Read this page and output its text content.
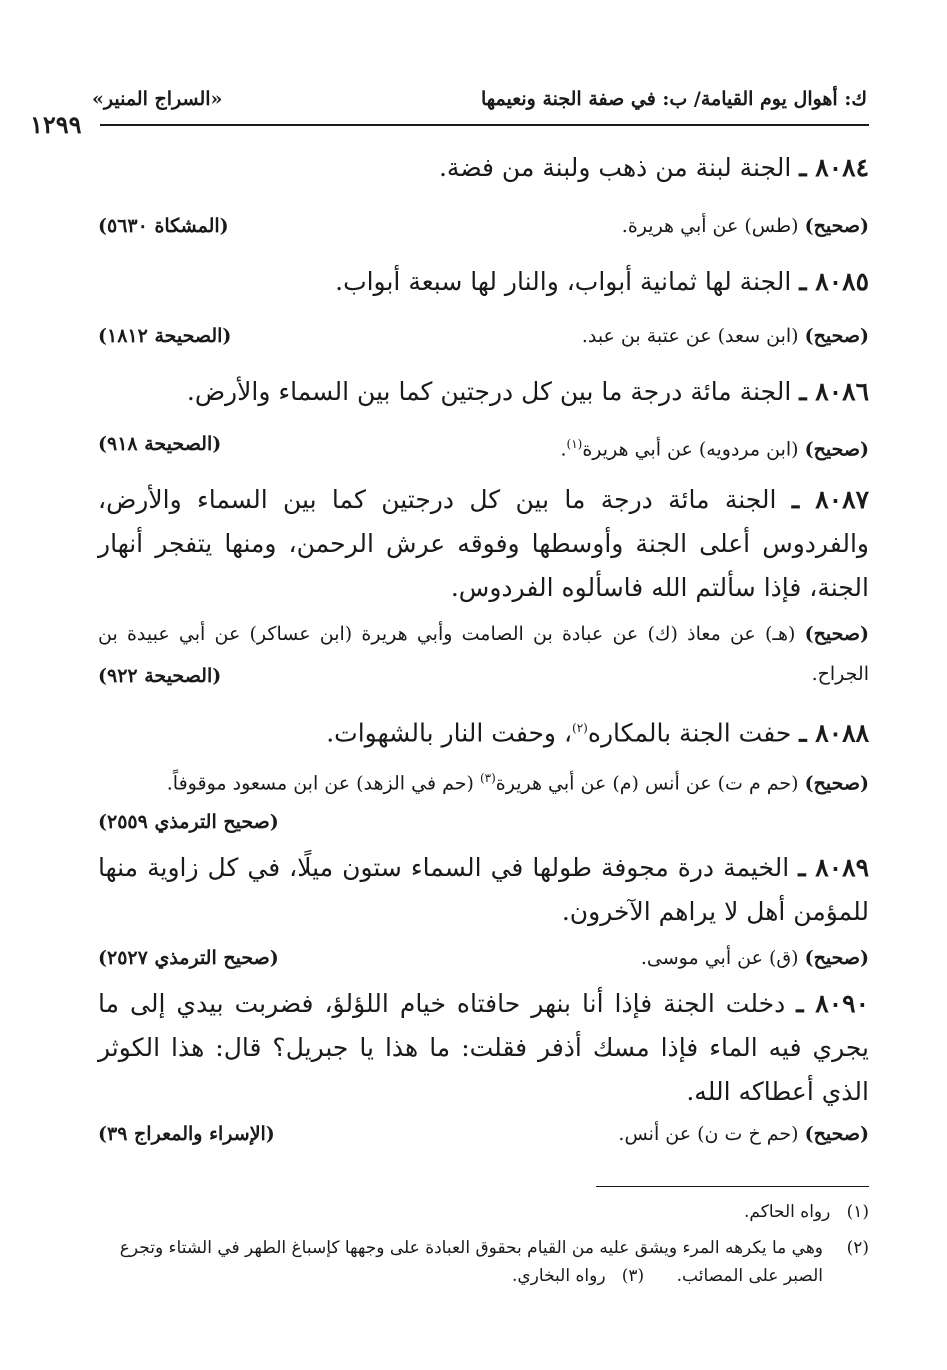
ك: أهوال يوم القيامة/ ب: في صفة الجنة ونعيمها
«السراج المنير»
١٢٩٩
٨٠٨٤ ـ الجنة لبنة من ذهب ولبنة من فضة.
(صحيح) (طس) عن أبي هريرة.
(المشكاة ٥٦٣٠)
٨٠٨٥ ـ الجنة لها ثمانية أبواب، والنار لها سبعة أبواب.
(صحيح) (ابن سعد) عن عتبة بن عبد.
(الصحيحة ١٨١٢)
٨٠٨٦ ـ الجنة مائة درجة ما بين كل درجتين كما بين السماء والأرض.
(صحيح) (ابن مردويه) عن أبي هريرة$^{(١)}$.
(الصحيحة ٩١٨)
٨٠٨٧ ـ الجنة مائة درجة ما بين كل درجتين كما بين السماء والأرض، والفردوس أعلى الجنة وأوسطها وفوقه عرش الرحمن، ومنها يتفجر أنهار الجنة، فإذا سألتم الله فاسألوه الفردوس.
(صحيح) (هـ) عن معاذ (ك) عن عبادة بن الصامت وأبي هريرة (ابن عساكر) عن أبي عبيدة بن الجراح.
(الصحيحة ٩٢٢)
٨٠٨٨ ـ حفت الجنة بالمكاره$^{(٢)}$، وحفت النار بالشهوات.
(صحيح) (حم م ت) عن أنس (م) عن أبي هريرة$^{(٣)}$ (حم في الزهد) عن ابن مسعود موقوفاً.
(صحيح الترمذي ٢٥٥٩)
٨٠٨٩ ـ الخيمة درة مجوفة طولها في السماء ستون ميلًا، في كل زاوية منها للمؤمن أهل لا يراهم الآخرون.
(صحيح) (ق) عن أبي موسى.
(صحيح الترمذي ٢٥٢٧)
٨٠٩٠ ـ دخلت الجنة فإذا أنا بنهر حافتاه خيام اللؤلؤ، فضربت بيدي إلى ما يجري فيه الماء فإذا مسك أذفر فقلت: ما هذا يا جبريل؟ قال: هذا الكوثر الذي أعطاكه الله.
(صحيح) (حم خ ت ن) عن أنس.
(الإسراء والمعراج ٣٩)
(١)   رواه الحاكم.
(٢)
وهي ما يكرهه المرء ويشق عليه من القيام بحقوق العبادة على وجهها كإسباغ الطهر في الشتاء وتجرع الصبر على المصائب.      (٣)   رواه البخاري.
